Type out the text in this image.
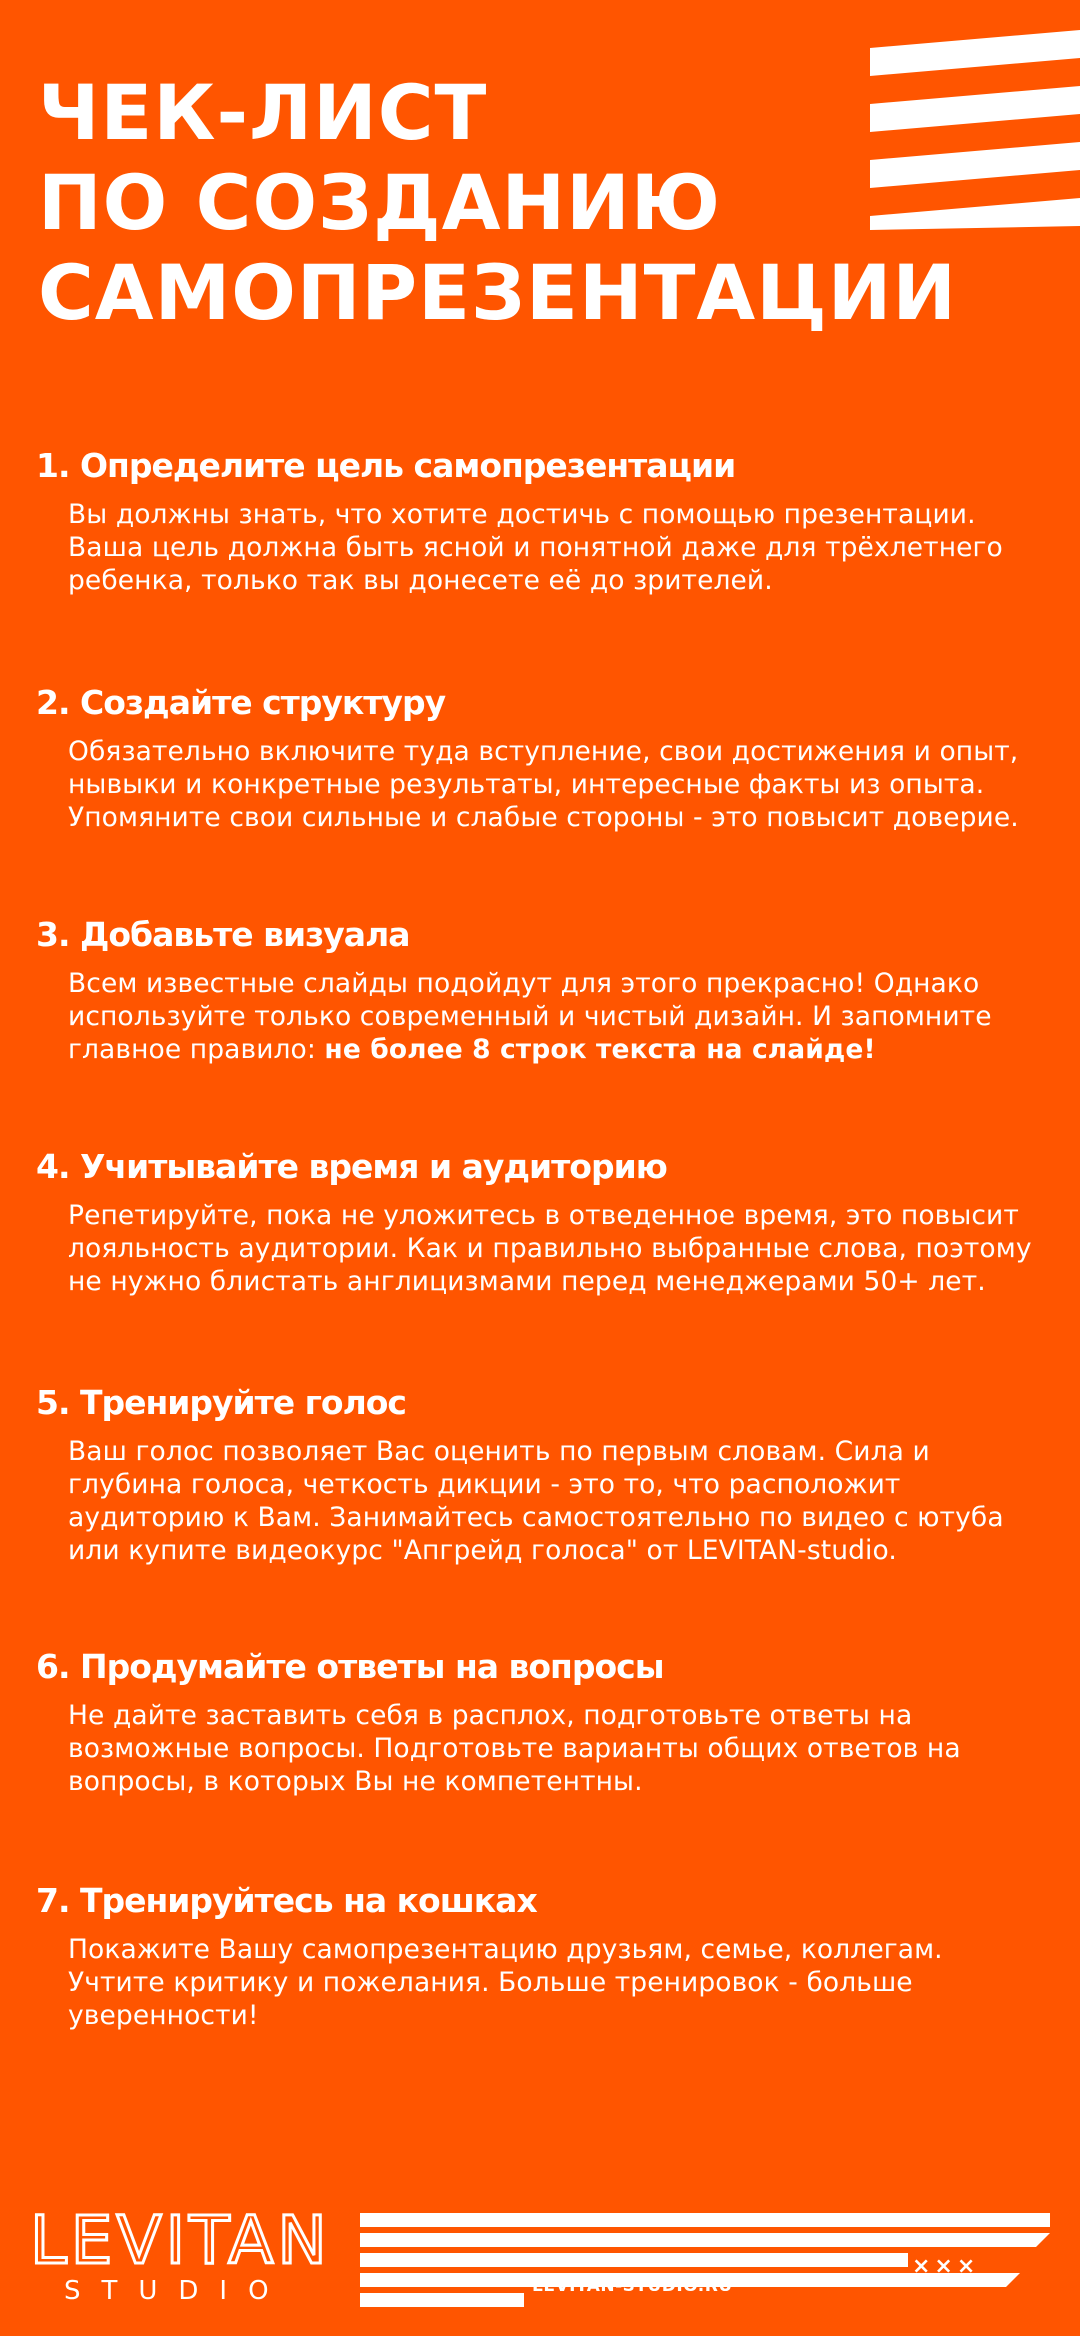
ЧЕК-ЛИСТ
ПО СОЗДАНИЮ
САМОПРЕЗЕНТАЦИИ
1. Определите цель самопрезентации

Вы должны знать, что хотите достичь с помощью презентации.
Ваша цель должна быть ясной и понятной даже для трёхлетнего
ребенка, только так вы донесете её до зрителей.

2. Создайте структуру

Обязательно включите туда вступление, свои достижения и опыт,
нывыки и конкретные результаты, интересные факты из опыта.
Упомяните свои сильные и слабые стороны - это повысит доверие.

3. Добавьте визуала

Всем известные слайды подойдут для этого прекрасно! Однако
используйте только современный и чистый дизайн. И запомните
главное правило: не более 8 строк текста на слайде!

4. Учитывайте время и аудиторию

Репетируйте, пока не уложитесь в отведенное время, это повысит
лояльность аудитории. Как и правильно выбранные слова, поэтому
не нужно блистать англицизмами перед менеджерами 50+ лет.

5. Тренируйте голос

Ваш голос позволяет Вас оценить по первым словам. Сила и
глубина голоса, четкость дикции - это то, что расположит
аудиторию к Вам. Занимайтесь самостоятельно по видео с ютуба
или купите видеокурс "Апгрейд голоса" от LEVITAN-studio.

6. Продумайте ответы на вопросы

Не дайте заставить себя в расплох, подготовьте ответы на
возможные вопросы. Подготовьте варианты общих ответов на
вопросы, в которых Вы не компетентны.

7. Тренируйтесь на кошках

Покажите Вашу самопрезентацию друзьям, семье, коллегам.
Учтите критику и пожелания. Больше тренировок - больше
уверенности!

LEVITAN
STUDIO
×××
LEVITAN-STUDIO.RU
